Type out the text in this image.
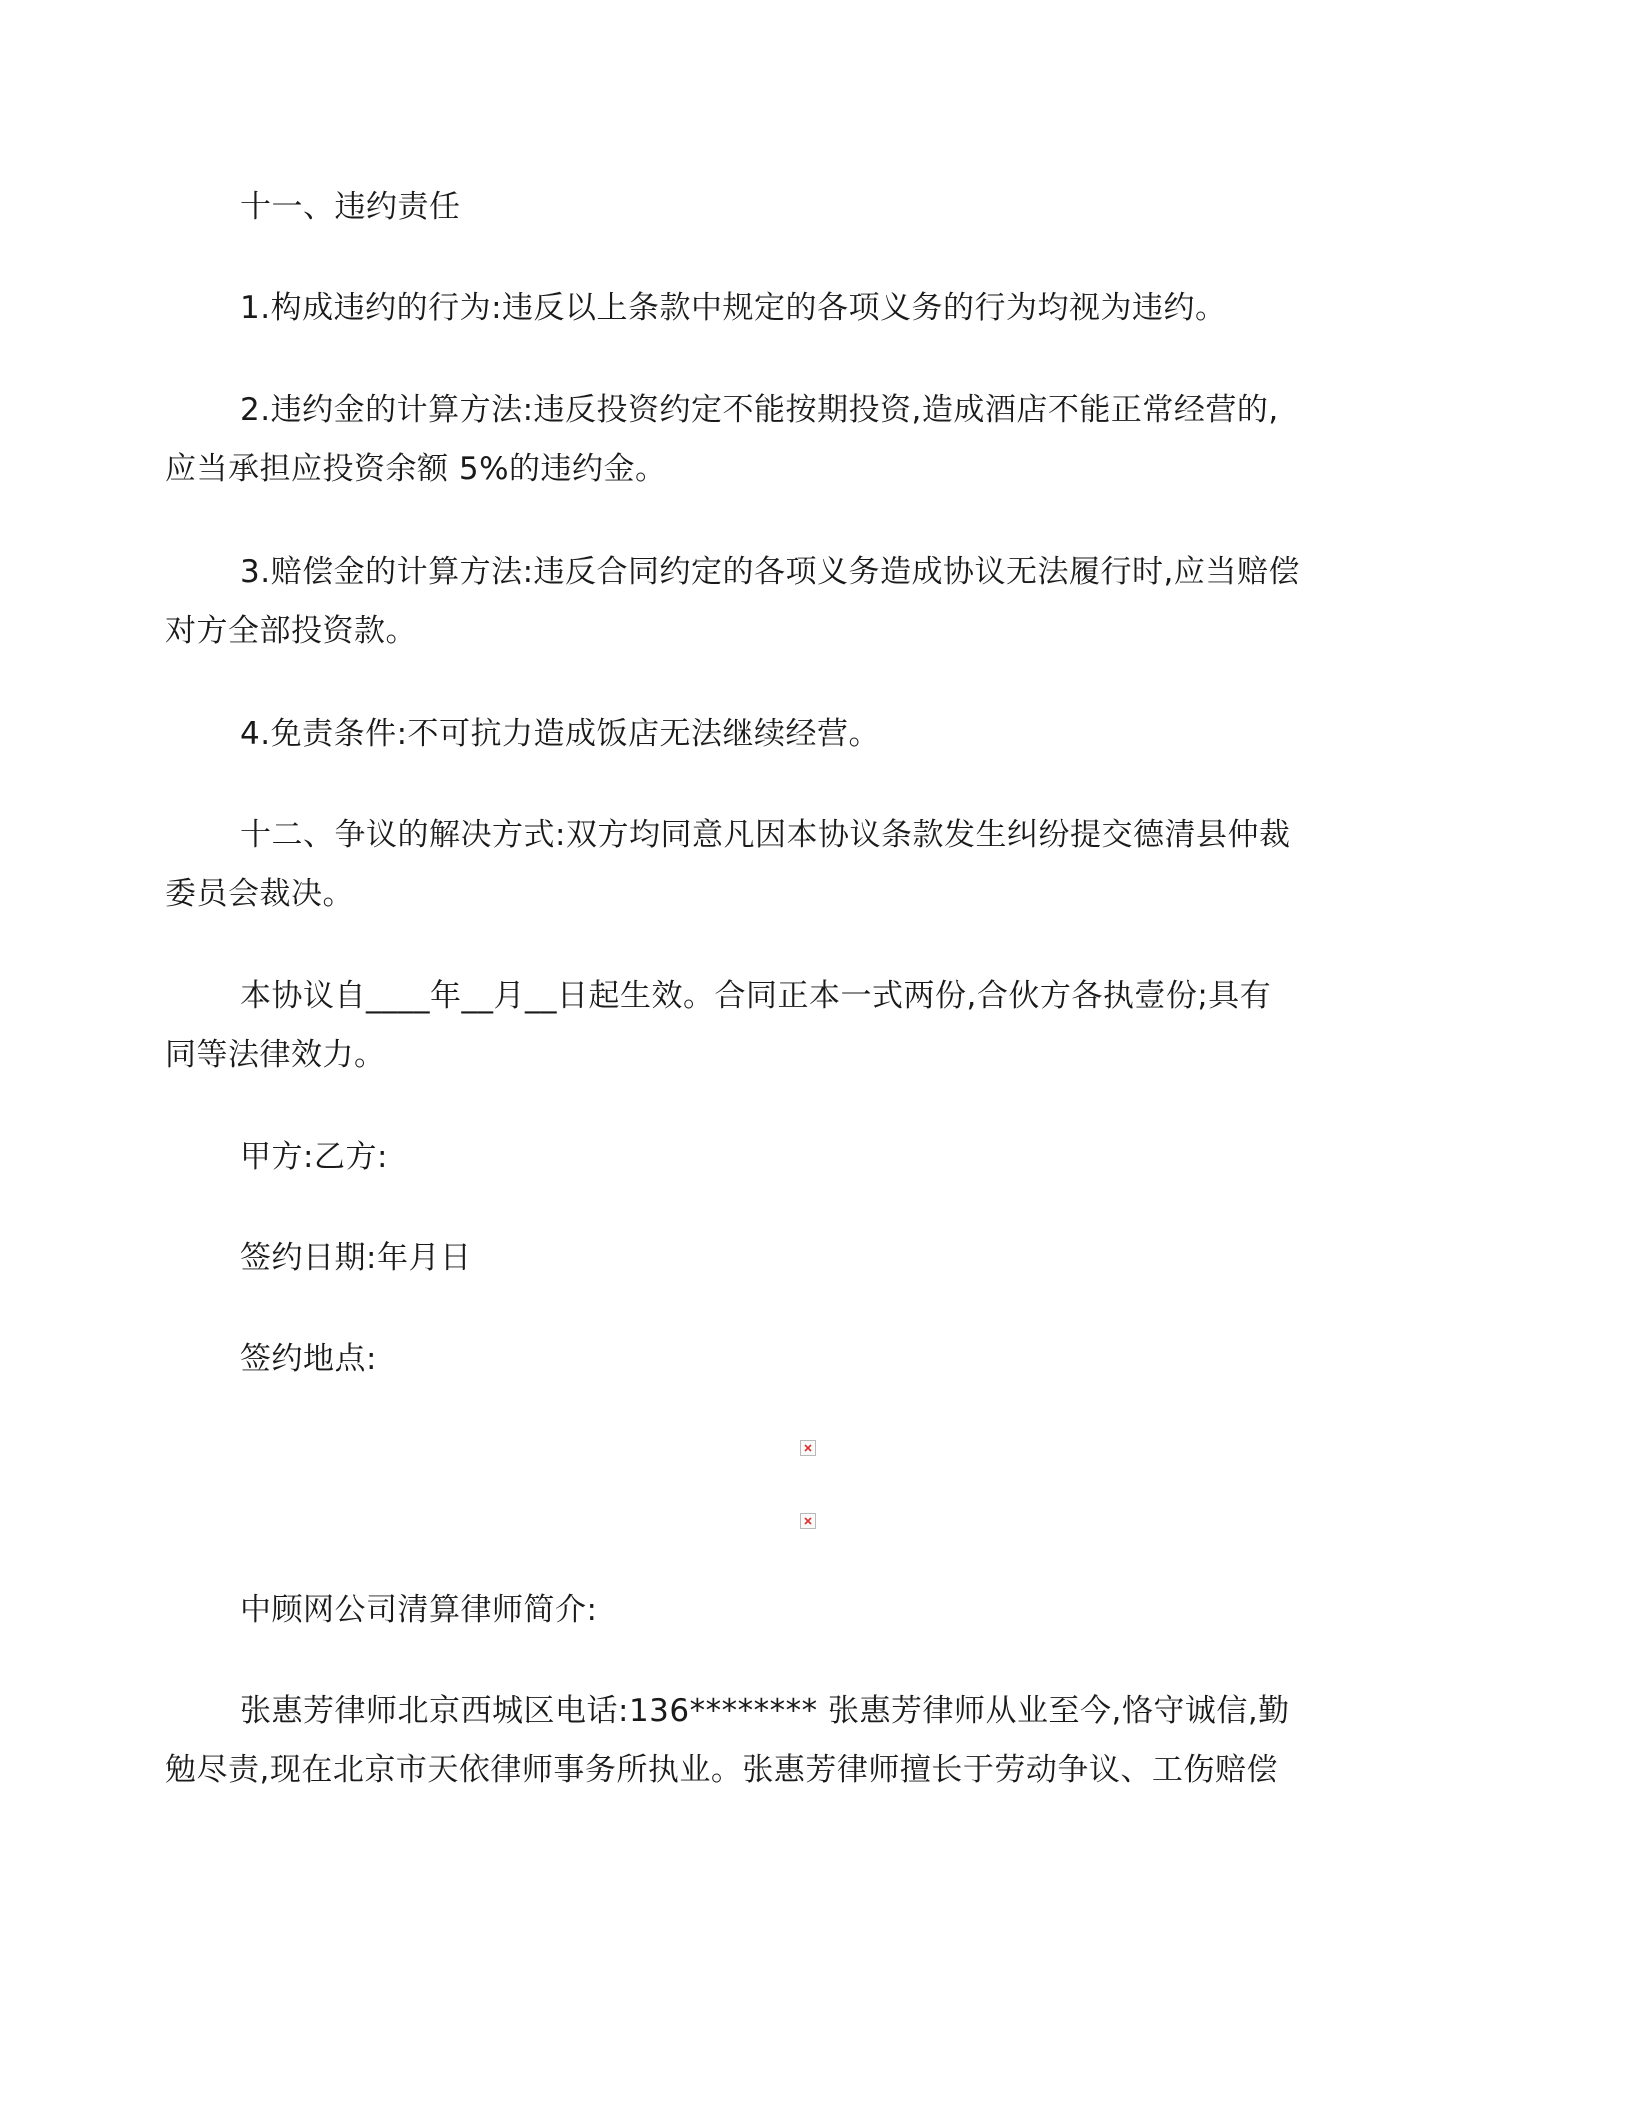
十一、违约责任

1.构成违约的行为:违反以上条款中规定的各项义务的行为均视为违约。

2.违约金的计算方法:违反投资约定不能按期投资,造成酒店不能正常经营的,

应当承担应投资余额 5%的违约金。

3.赔偿金的计算方法:违反合同约定的各项义务造成协议无法履行时,应当赔偿

对方全部投资款。

4.免责条件:不可抗力造成饭店无法继续经营。

十二、争议的解决方式:双方均同意凡因本协议条款发生纠纷提交德清县仲裁

委员会裁决。

本协议自____年__月__日起生效。合同正本一式两份,合伙方各执壹份;具有

同等法律效力。

甲方:乙方:

签约日期:年月日

签约地点:

中顾网公司清算律师简介:

张惠芳律师北京西城区电话:136******** 张惠芳律师从业至今,恪守诚信,勤

勉尽责,现在北京市天依律师事务所执业。张惠芳律师擅长于劳动争议、工伤赔偿
